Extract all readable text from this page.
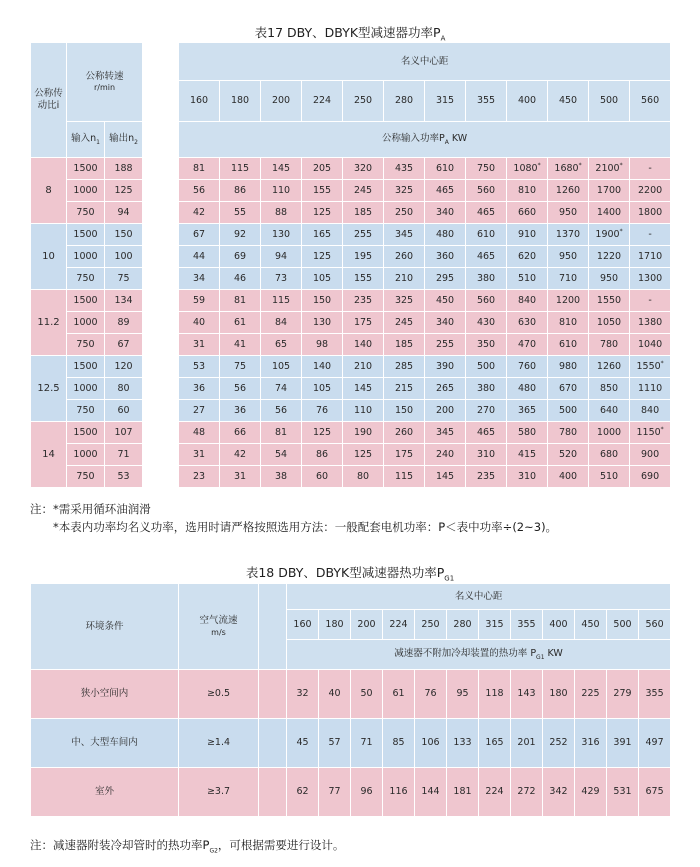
表17 DBY、DBYK型减速器功率$P_A$
公称传动比i	公称转速
r/min			名义中心距											
				160	180	200	224	250	280	315	355	400	450	500	560
	输入$n_1$	输出$n_2$		公称输入功率$P_A$ KW											
8	1500	188		81	115	145	205	320	435	610	750	1080*	1680*	2100*	-
	1000	125		56	86	110	155	245	325	465	560	810	1260	1700	2200
	750	94		42	55	88	125	185	250	340	465	660	950	1400	1800
10	1500	150		67	92	130	165	255	345	480	610	910	1370	1900*	-
	1000	100		44	69	94	125	195	260	360	465	620	950	1220	1710
	750	75		34	46	73	105	155	210	295	380	510	710	950	1300
11.2	1500	134		59	81	115	150	235	325	450	560	840	1200	1550	-
	1000	89		40	61	84	130	175	245	340	430	630	810	1050	1380
	750	67		31	41	65	98	140	185	255	350	470	610	780	1040
12.5	1500	120		53	75	105	140	210	285	390	500	760	980	1260	1550*
	1000	80		36	56	74	105	145	215	265	380	480	670	850	1110
	750	60		27	36	56	76	110	150	200	270	365	500	640	840
14	1500	107		48	66	81	125	190	260	345	465	580	780	1000	1150*
	1000	71		31	42	54	86	125	175	240	310	415	520	680	900
	750	53		23	31	38	60	80	115	145	235	310	400	510	690
注：*需采用循环油润滑
*本表内功率均名义功率，选用时请严格按照选用方法：一般配套电机功率：P＜表中功率÷(2~3)。
表18 DBY、DBYK型减速器热功率$P_{G1}$
环境条件	空气流速
m/s		名义中心距											
			160	180	200	224	250	280	315	355	400	450	500	560
			减速器不附加冷却装置的热功率 $P_{G1}$ KW											
狭小空间内	≥0.5		32	40	50	61	76	95	118	143	180	225	279	355
中、大型车间内	≥1.4		45	57	71	85	106	133	165	201	252	316	391	497
室外	≥3.7		62	77	96	116	144	181	224	272	342	429	531	675
注：减速器附装冷却管时的热功率$P_{G2}$，可根据需要进行设计。
